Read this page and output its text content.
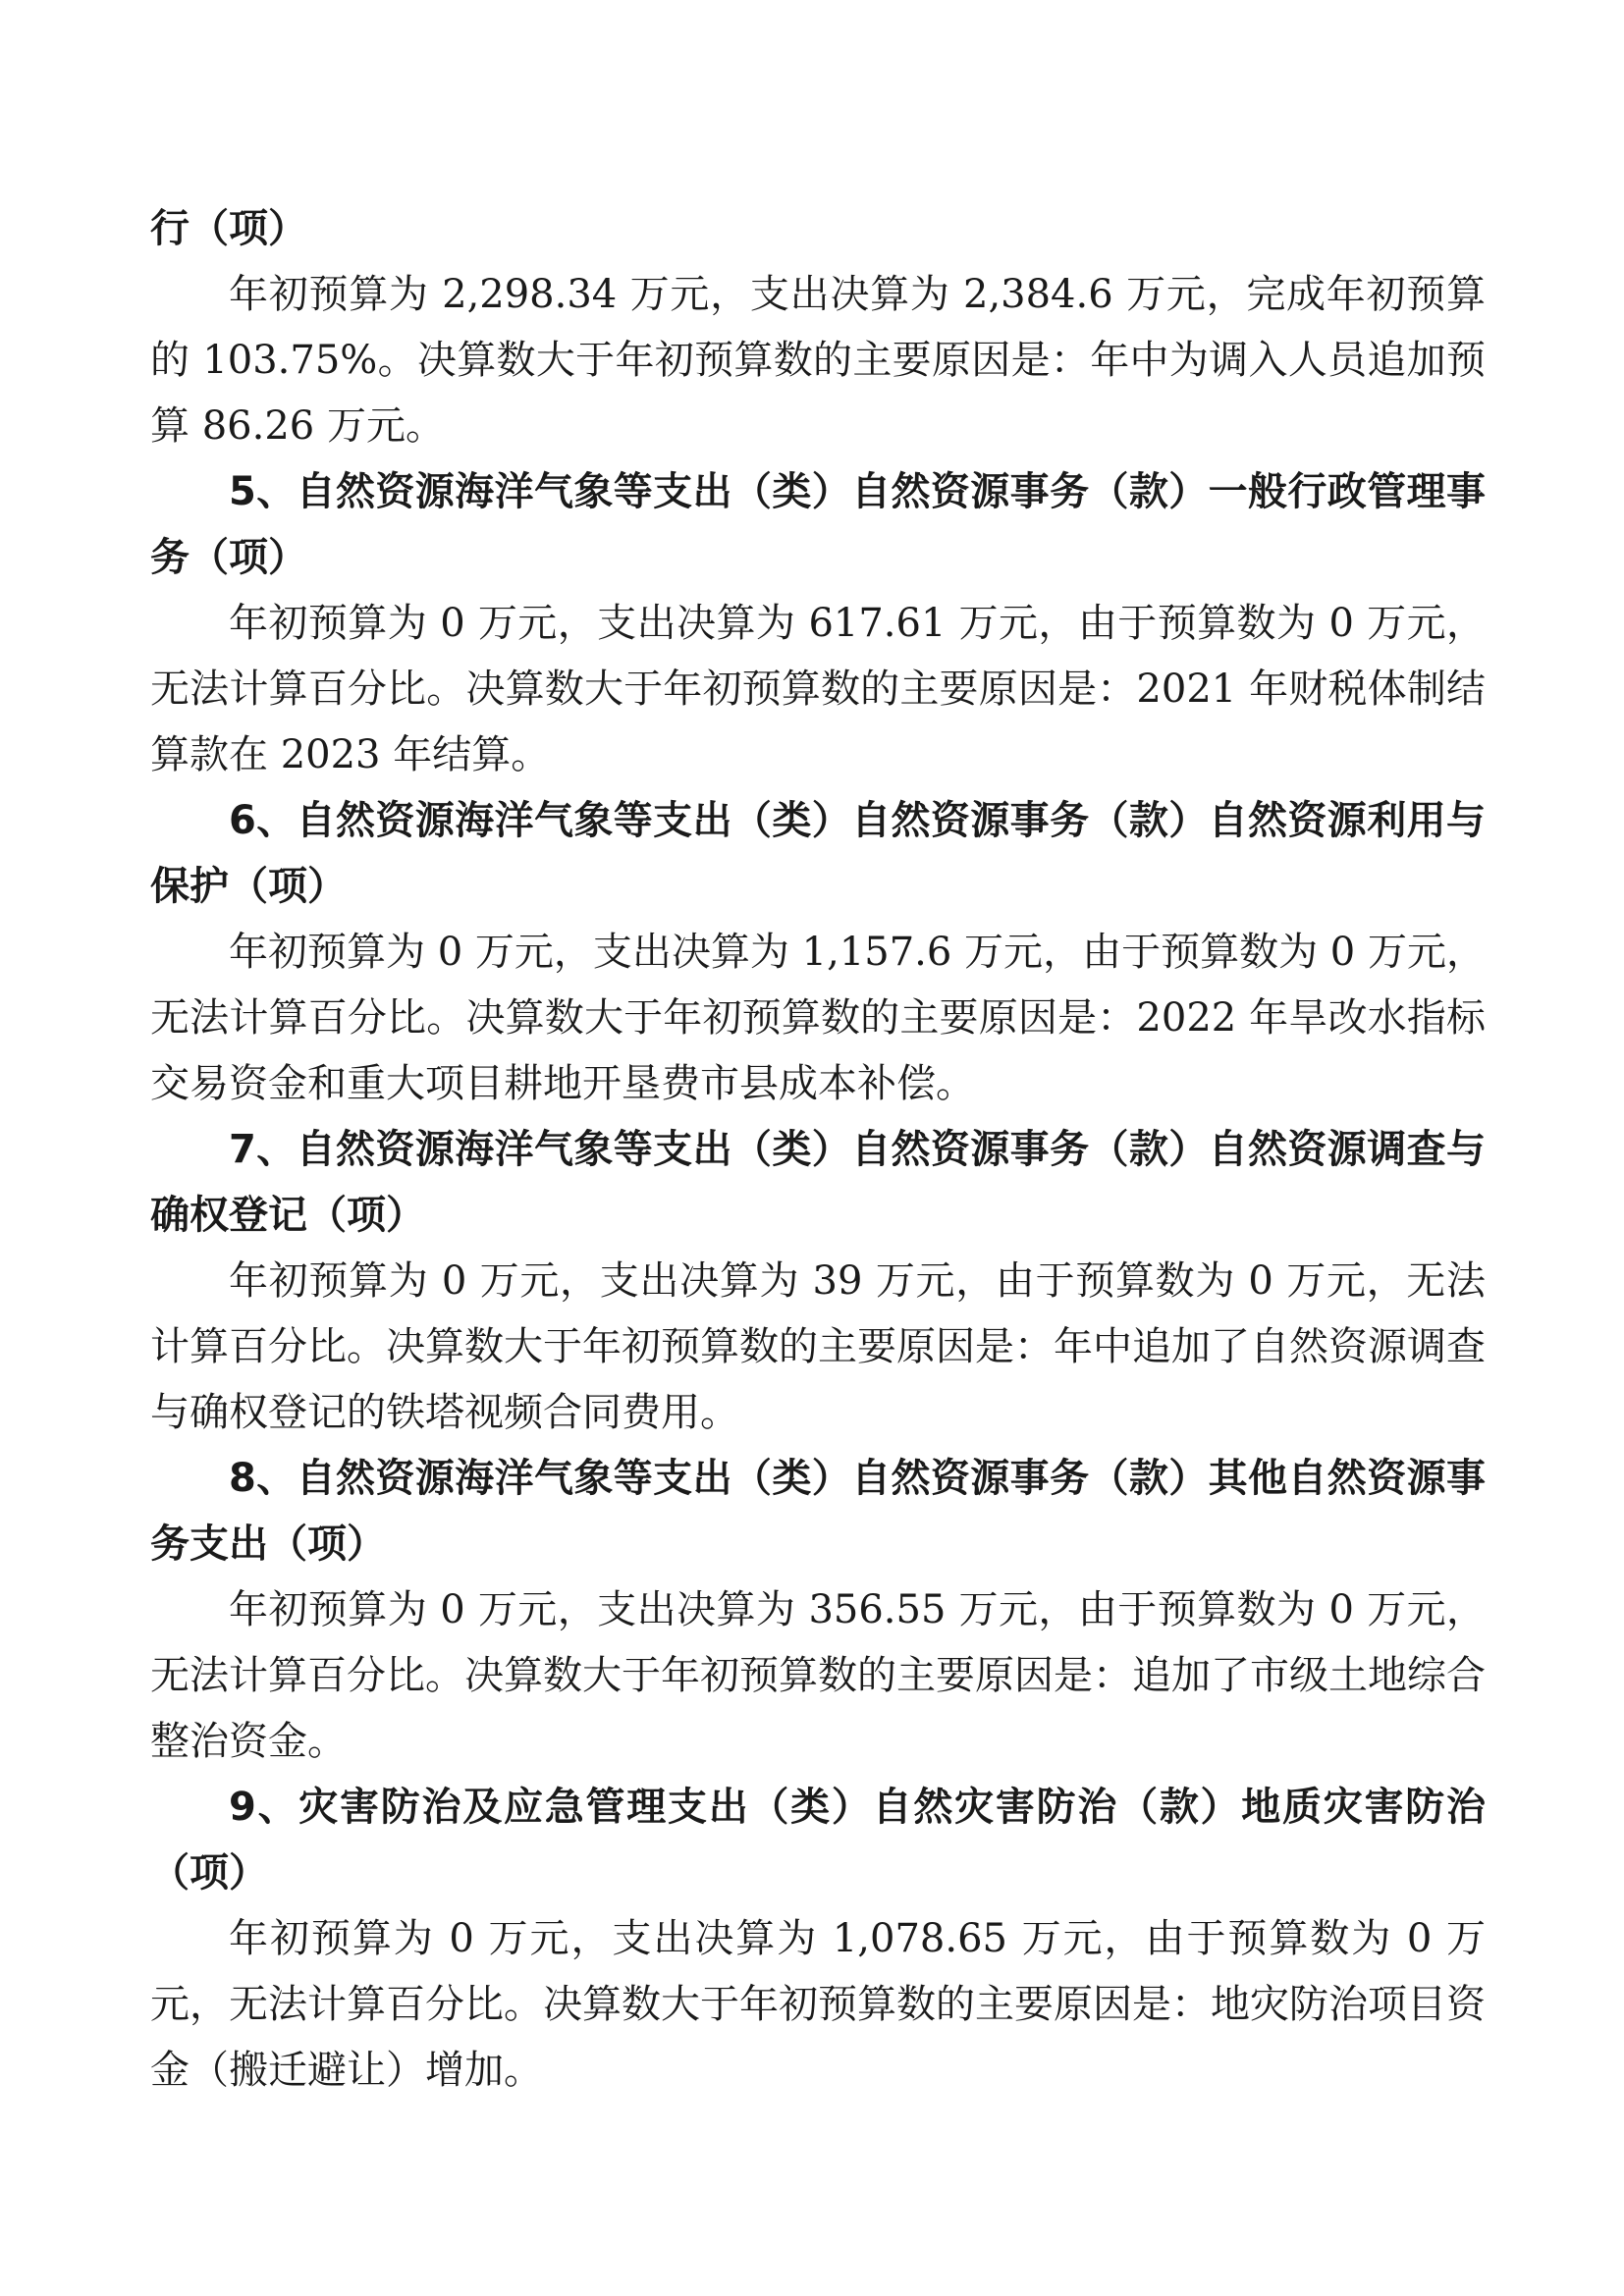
行（项）

年初预算为 2,298.34 万元，支出决算为 2,384.6 万元，完成年初预算的 103.75%。决算数大于年初预算数的主要原因是：年中为调入人员追加预算 86.26 万元。

5、自然资源海洋气象等支出（类）自然资源事务（款）一般行政管理事务（项）

年初预算为 0 万元，支出决算为 617.61 万元，由于预算数为 0 万元，无法计算百分比。决算数大于年初预算数的主要原因是：2021 年财税体制结算款在 2023 年结算。

6、自然资源海洋气象等支出（类）自然资源事务（款）自然资源利用与保护（项）

年初预算为 0 万元，支出决算为 1,157.6 万元，由于预算数为 0 万元，无法计算百分比。决算数大于年初预算数的主要原因是：2022 年旱改水指标交易资金和重大项目耕地开垦费市县成本补偿。

7、自然资源海洋气象等支出（类）自然资源事务（款）自然资源调查与确权登记（项）

年初预算为 0 万元，支出决算为 39 万元，由于预算数为 0 万元，无法计算百分比。决算数大于年初预算数的主要原因是：年中追加了自然资源调查与确权登记的铁塔视频合同费用。

8、自然资源海洋气象等支出（类）自然资源事务（款）其他自然资源事务支出（项）

年初预算为 0 万元，支出决算为 356.55 万元，由于预算数为 0 万元，无法计算百分比。决算数大于年初预算数的主要原因是：追加了市级土地综合整治资金。

9、灾害防治及应急管理支出（类）自然灾害防治（款）地质灾害防治（项）

年初预算为 0 万元，支出决算为 1,078.65 万元，由于预算数为 0 万元，无法计算百分比。决算数大于年初预算数的主要原因是：地灾防治项目资金（搬迁避让）增加。
